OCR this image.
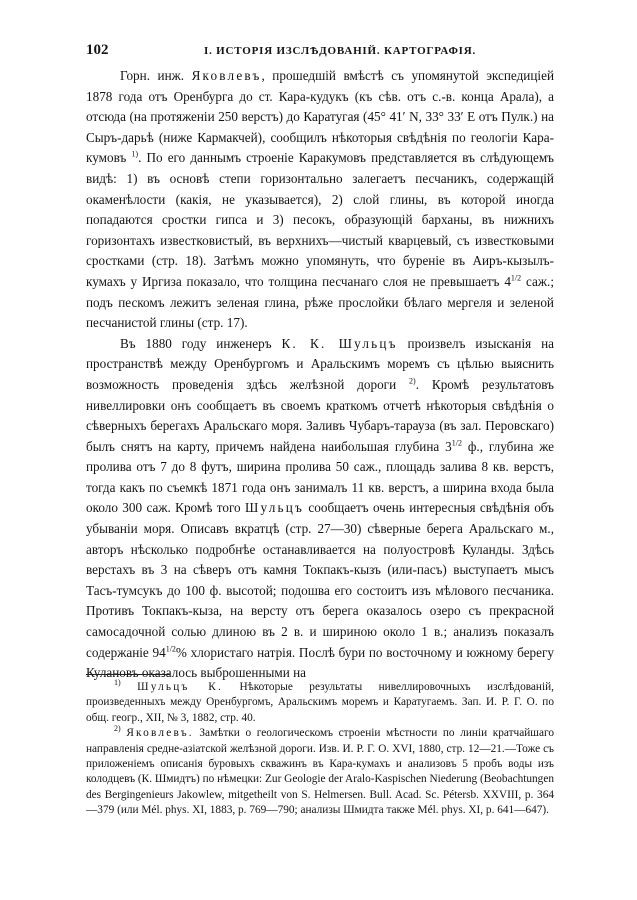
102	I. ИСТОРІЯ ИЗСЛѢДОВАНІЙ. КАРТОГРАФІЯ.

Горн. инж. Яковлевъ, прошедшій вмѣстѣ съ упомянутой экспедиціей 1878 года отъ Оренбурга до ст. Кара-кудукъ (къ сѣв. отъ с.-в. конца Арала), а отсюда (на протяженіи 250 верстъ) до Каратугая (45° 41′ N, 33° 33′ E отъ Пулк.) на Сыръ-дарьѣ (ниже Кармакчей), сообщилъ нѣкоторыя свѣдѣнія по геологіи Кара-кумовъ $^{1)}$. По его даннымъ строеніе Каракумовъ представляется въ слѣдующемъ видѣ: 1) въ основѣ степи горизонтально залегаетъ песчаникъ, содержащій окаменѣлости (какія, не указывается), 2) слой глины, въ которой иногда попадаются сростки гипса и 3) песокъ, образующій барханы, въ нижнихъ горизонтахъ известковистый, въ верхнихъ—чистый кварцевый, съ известковыми сростками (стр. 18). Затѣмъ можно упомянуть, что буреніе въ Аиръ-кызылъ-кумахъ у Иргиза показало, что толщина песчанаго слоя не превышаетъ $4^{1/2}$ саж.; подъ пескомъ лежитъ зеленая глина, рѣже прослойки бѣлаго мергеля и зеленой песчанистой глины (стр. 17).

Въ 1880 году инженеръ К. К. Шульцъ произвелъ изысканія на пространствѣ между Оренбургомъ и Аральскимъ моремъ съ цѣлью выяснить возможность проведенія здѣсь желѣзной дороги $^{2)}$. Кромѣ результатовъ нивеллировки онъ сообщаетъ въ своемъ краткомъ отчетѣ нѣкоторыя свѣдѣнія о сѣверныхъ берегахъ Аральскаго моря. Заливъ Чубаръ-тарауза (въ зал. Перовскаго) былъ снятъ на карту, причемъ найдена наибольшая глубина $3^{1/2}$ ф., глубина же пролива отъ 7 до 8 футъ, ширина пролива 50 саж., площадь залива 8 кв. верстъ, тогда какъ по съемкѣ 1871 года онъ занималъ 11 кв. верстъ, а ширина входа была около 300 саж. Кромѣ того Шульцъ сообщаетъ очень интересныя свѣдѣнія объ убываніи моря. Описавъ вкратцѣ (стр. 27—30) сѣверные берега Аральскаго м., авторъ нѣсколько подробнѣе останавливается на полуостровѣ Куланды. Здѣсь верстахъ въ 3 на сѣверъ отъ камня Токпакъ-кызъ (или-пасъ) выступаетъ мысъ Тасъ-тумсукъ до 100 ф. высотой; подошва его состоитъ изъ мѣлового песчаника. Противъ Токпакъ-кыза, на версту отъ берега оказалось озеро съ прекрасной самосадочной солью длиною въ 2 в. и шириною около 1 в.; анализъ показалъ содержаніе $94^{1/2}\%$ хлористаго натрія. Послѣ бури по восточному и южному берегу Кулановъ оказалось выброшенными на

$^{1)}$ Шульцъ К. Нѣкоторые результаты нивеллировочныхъ изслѣдованій, произведенныхъ между Оренбургомъ, Аральскимъ моремъ и Каратугаемъ. Зап. И. Р. Г. О. по общ. геогр., XII, № 3, 1882, стр. 40.

$^{2)}$ Яковлевъ. Замѣтки о геологическомъ строеніи мѣстности по линіи кратчайшаго направленія средне-азіатской желѣзной дороги. Изв. И. Р. Г. О. XVI, 1880, стр. 12—21.—Тоже съ приложеніемъ описанія буровыхъ скважинъ въ Кара-кумахъ и анализовъ 5 пробъ воды изъ колодцевъ (К. Шмидтъ) по нѣмецки: Zur Geologie der Aralo-Kaspischen Niederung (Beobachtungen des Bergingenieurs Jakowlew, mitgetheilt von S. Helmersen. Bull. Acad. Sc. Pétersb. XXVIII, p. 364—379 (или Mél. phys. XI, 1883, p. 769—790; анализы Шмидта также Mél. phys. XI, p. 641—647).
